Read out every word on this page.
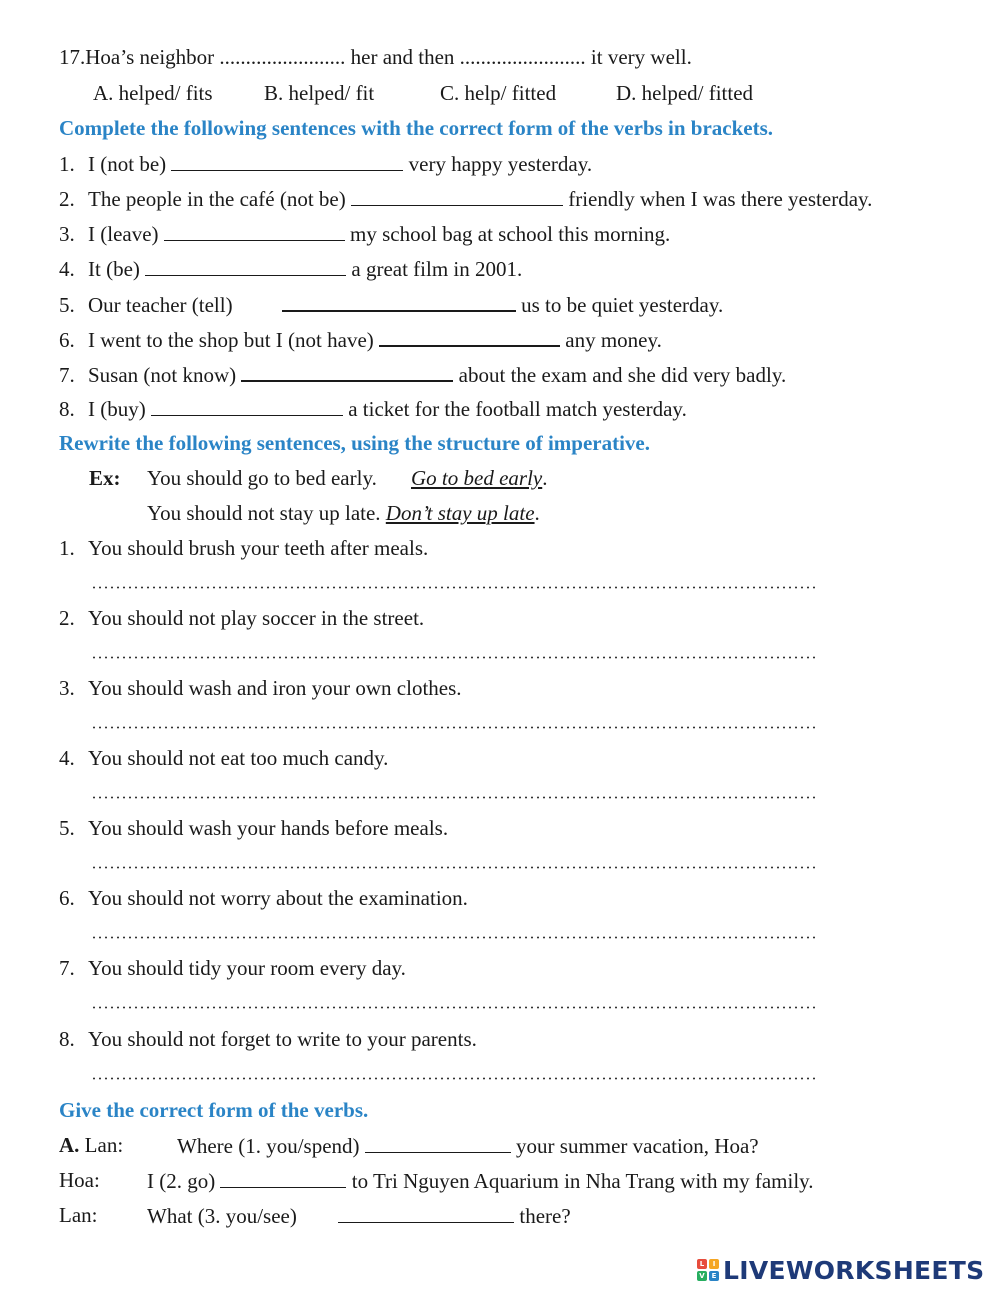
17.Hoa’s neighbor ........................ her and then ........................ it very well.
A. helped/ fits B. helped/ fit	C. help/ fitted	D. helped/ fitted
Complete the following sentences with the correct form of the verbs in brackets.
1. I (not be)	very happy yesterday.
2. The people in the café (not be)	friendly when I was there yesterday.
3. I (leave)	my school bag at school this morning.
4. It (be)	a great film in 2001.
5. Our teacher (tell)	us to be quiet yesterday.
6. I went to the shop but I (not have)	any money.
7. Susan (not know)	about the exam and she did very badly.
8. I (buy)	a ticket for the football match yesterday.
Rewrite the following sentences, using the structure of imperative.
Ex: You should go to bed early. Go to bed early.
You should not stay up late. Don’t stay up late.
1. You should brush your teeth after meals.
2. You should not play soccer in the street.
3. You should wash and iron your own clothes.
4. You should not eat too much candy.
5. You should wash your hands before meals.
6. You should not worry about the examination.
7. You should tidy your room every day.
8. You should not forget to write to your parents.
Give the correct form of the verbs.
A. Lan:	Where (1. you/spend)	your summer vacation, Hoa?
Hoa: I (2. go)	to Tri Nguyen Aquarium in Nha Trang with my family.
Lan: What (3. you/see)	there?
L	I
V E LIVEWORKSHEETS
